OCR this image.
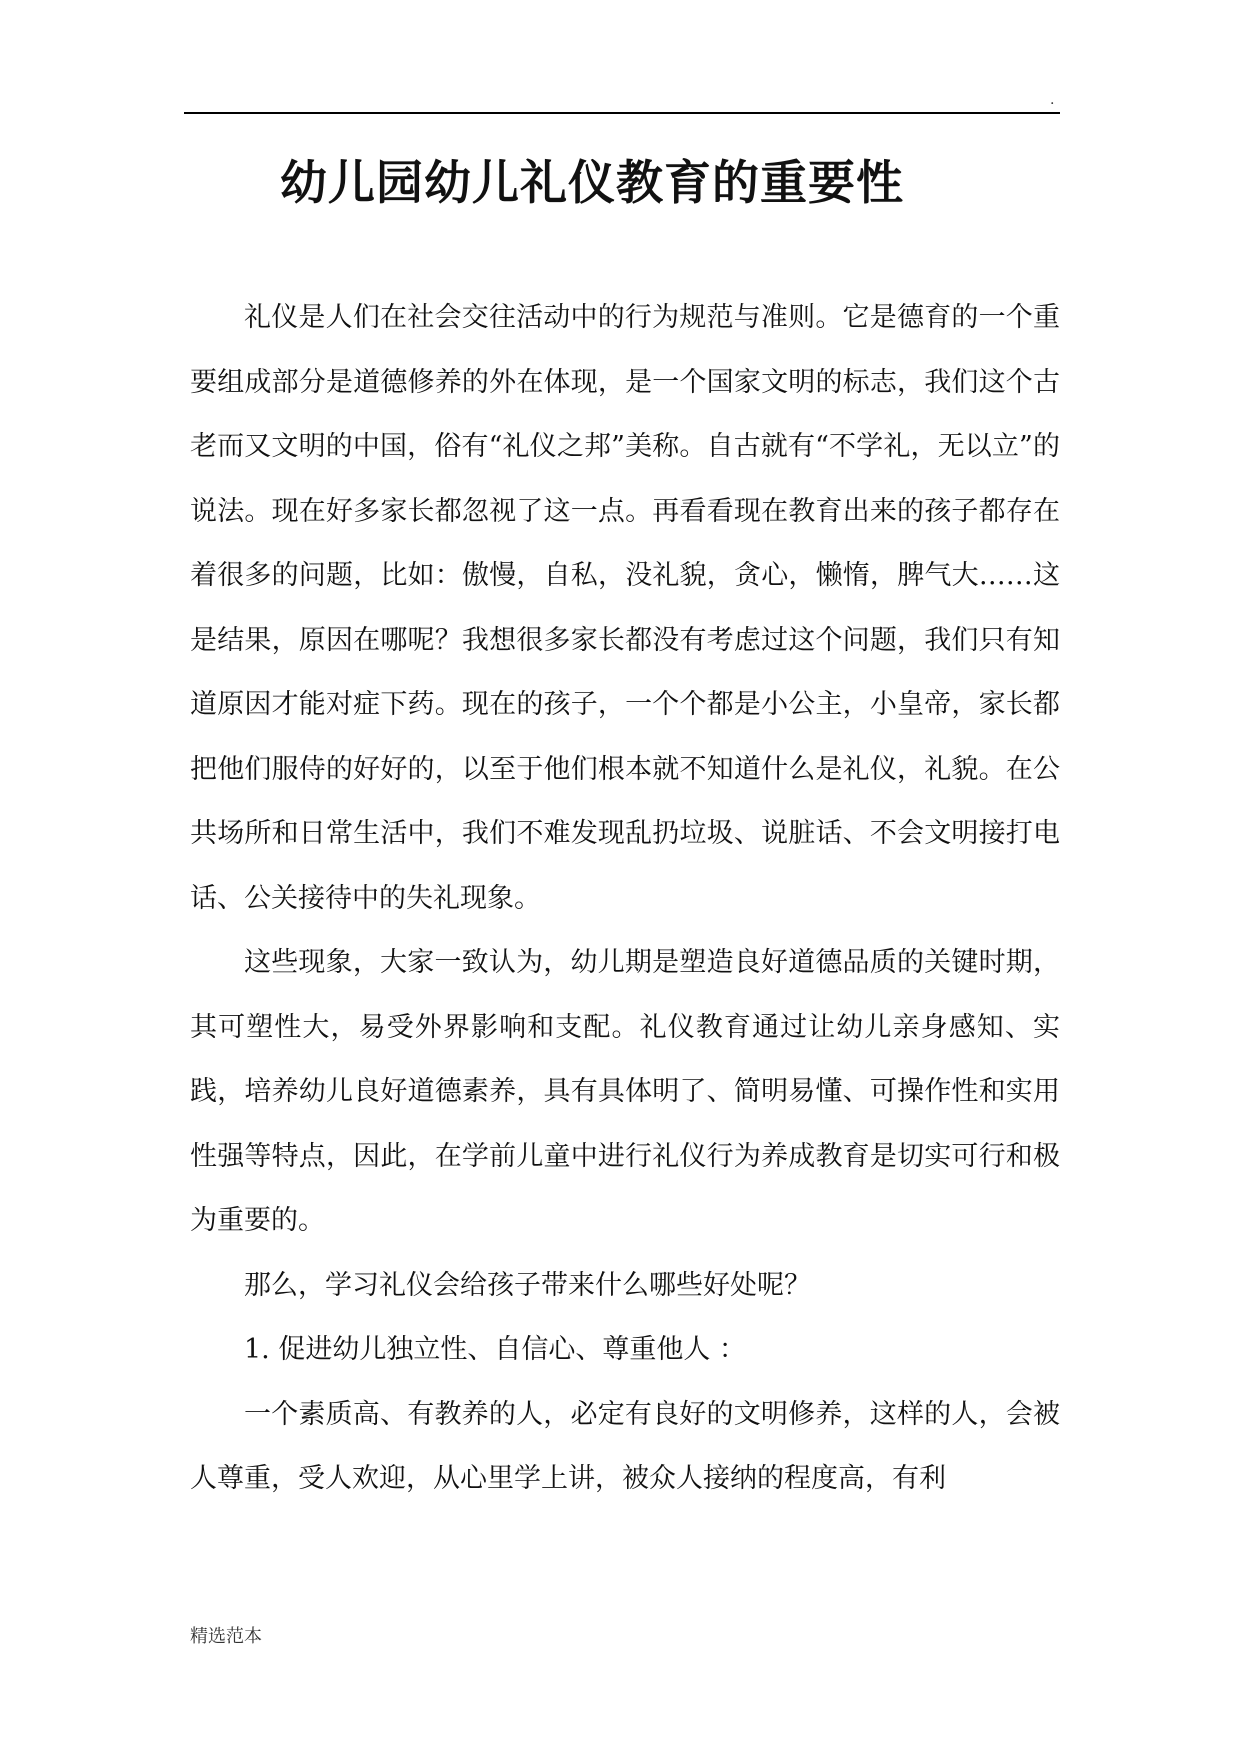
.
幼儿园幼儿礼仪教育的重要性

礼仪是人们在社会交往活动中的行为规范与准则。它是德育的一个重要组成部分是道德修养的外在体现，是一个国家文明的标志，我们这个古老而又文明的中国，俗有“礼仪之邦”美称。自古就有“不学礼，无以立”的说法。现在好多家长都忽视了这一点。再看看现在教育出来的孩子都存在着很多的问题，比如：傲慢，自私，没礼貌，贪心，懒惰，脾气大……这是结果，原因在哪呢？我想很多家长都没有考虑过这个问题，我们只有知道原因才能对症下药。现在的孩子，一个个都是小公主，小皇帝，家长都把他们服侍的好好的，以至于他们根本就不知道什么是礼仪，礼貌。在公共场所和日常生活中，我们不难发现乱扔垃圾、说脏话、不会文明接打电话、公关接待中的失礼现象。

这些现象，大家一致认为，幼儿期是塑造良好道德品质的关键时期，其可塑性大，易受外界影响和支配。礼仪教育通过让幼儿亲身感知、实践，培养幼儿良好道德素养，具有具体明了、简明易懂、可操作性和实用性强等特点，因此，在学前儿童中进行礼仪行为养成教育是切实可行和极为重要的。

那么，学习礼仪会给孩子带来什么哪些好处呢？

1. 促进幼儿独立性、自信心、尊重他人 ：

一个素质高、有教养的人，必定有良好的文明修养，这样的人，会被人尊重，受人欢迎，从心里学上讲，被众人接纳的程度高，有利

精选范本
